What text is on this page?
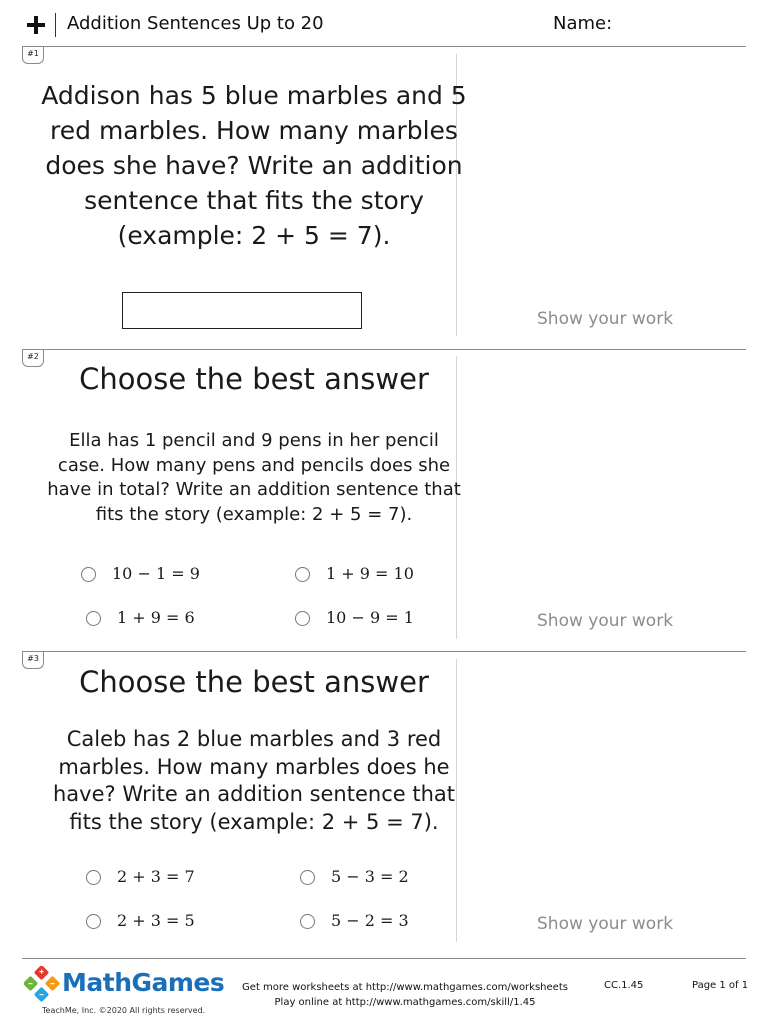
Addition Sentences Up to 20	Name:
#1
Addison has 5 blue marbles and 5
red marbles. How many marbles
does she have? Write an addition
sentence that fits the story
(example: 2 + 5 = 7).
Show your work
#2
Choose the best answer
Ella has 1 pencil and 9 pens in her pencil
case. How many pens and pencils does she
have in total? Write an addition sentence that
fits the story (example: 2 + 5 = 7).
10 − 1 = 9	1 + 9 = 10
1 + 9 = 6	10 − 9 = 1	Show your work
#3
Choose the best answer
Caleb has 2 blue marbles and 3 red
marbles. How many marbles does he
have? Write an addition sentence that
fits the story (example: 2 + 5 = 7).
2 + 3 = 7	5 − 3 = 2
2 + 3 = 5	5 − 2 = 3	Show your work
MathGames
TeachMe, Inc. ©2020 All rights reserved.
Get more worksheets at http://www.mathgames.com/worksheets
Play online at http://www.mathgames.com/skill/1.45
CC.1.45	Page 1 of 1
